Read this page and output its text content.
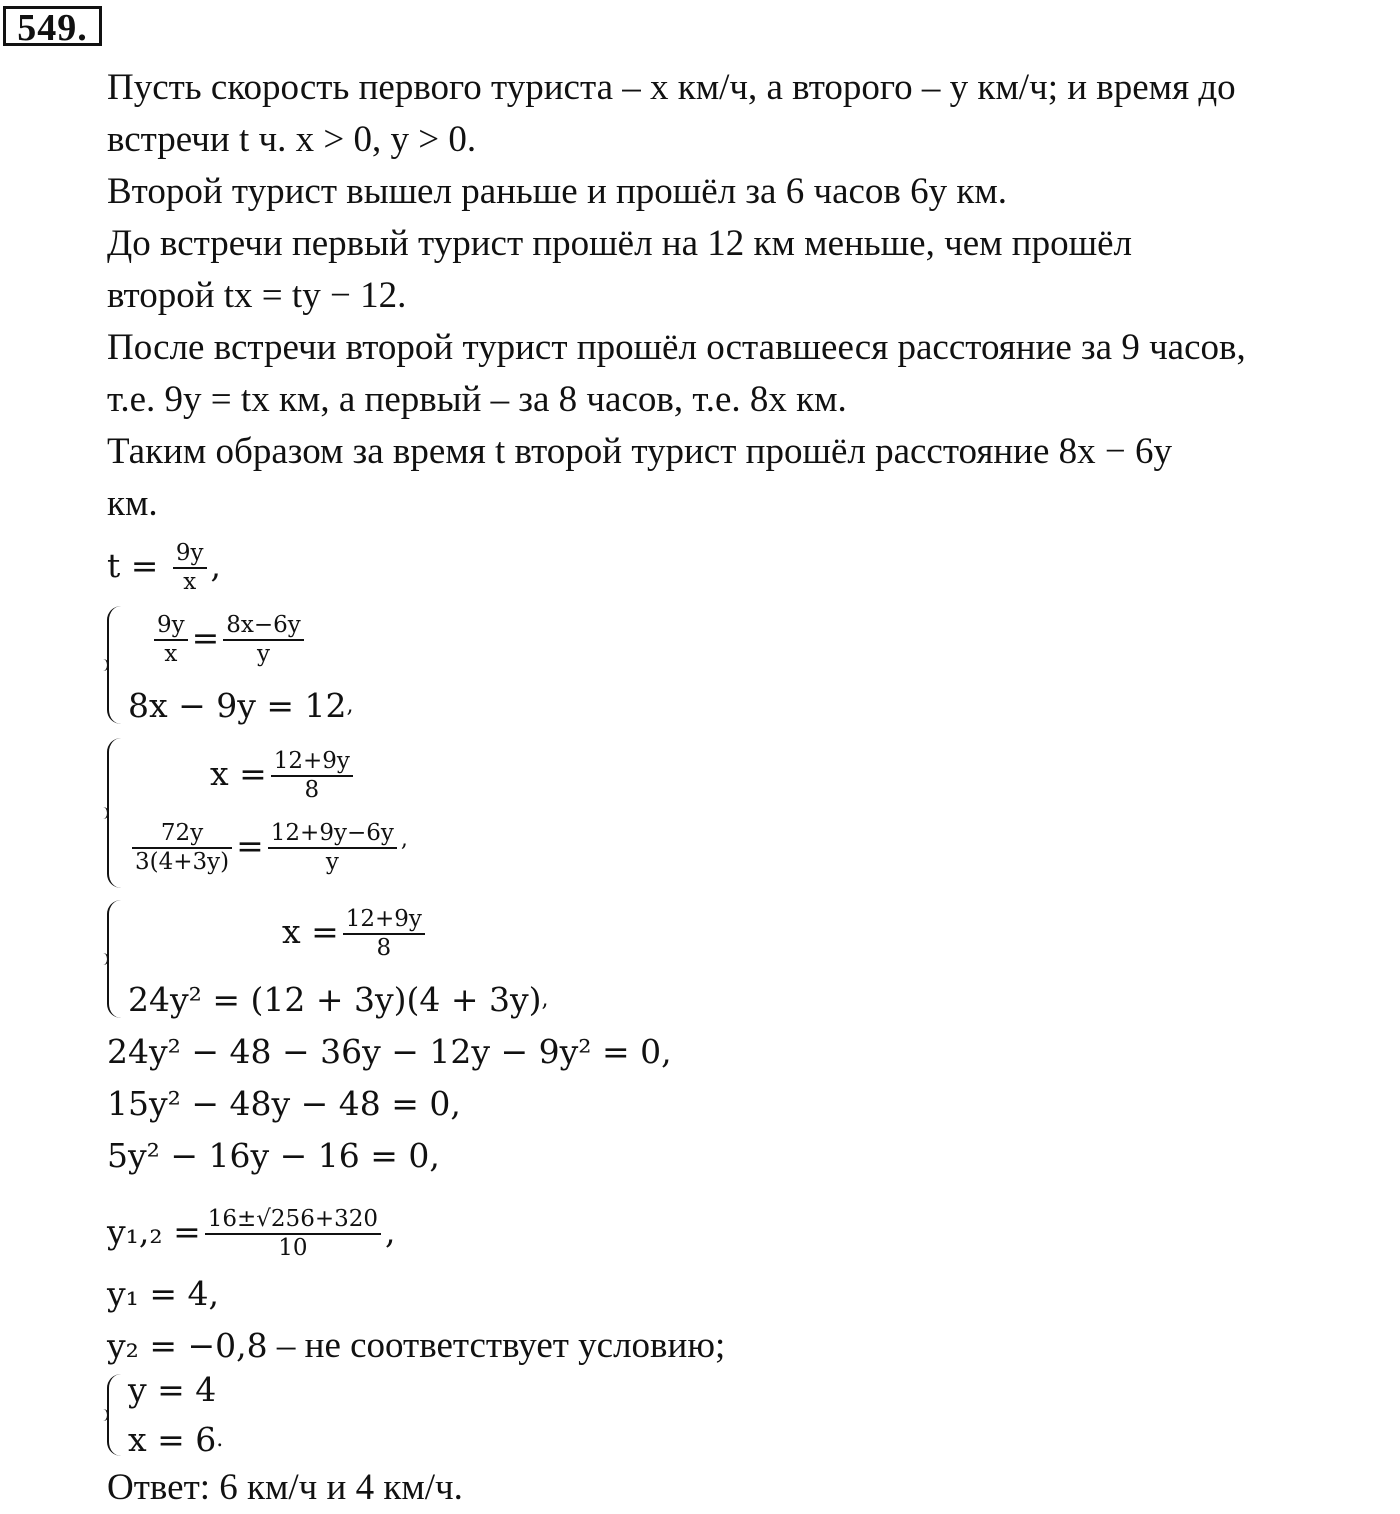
549.

Пусть скорость первого туриста – x км/ч, а второго – y км/ч; и время до

встречи t ч. x > 0, y > 0.

Второй турист вышел раньше и прошёл за 6 часов 6y км.

До встречи первый турист прошёл на 12 км меньше, чем прошёл

второй tx = ty − 12.

После встречи второй турист прошёл оставшееся расстояние за 9 часов,

т.е. 9y = tx км, а первый – за 8 часов, т.е. 8x км.

Таким образом за время t второй турист прошёл расстояние 8x − 6y

км.

$t = \frac{9y}{x}$ ,
$\frac{9y}{x} = \frac{8x-6y}{y}$
8x − 9y = 12,
$x = \frac{12+9y}{8}$
$\frac{72y}{3(4+3y)} = \frac{12+9y-6y}{y} ^,$
$x = \frac{12+9y}{8}$
24y² = (12 + 3y)(4 + 3y),
24y² − 48 − 36y − 12y − 9y² = 0,
15y² − 48y − 48 = 0,
5y² − 16y − 16 = 0,
$y_1,_2 = \frac{16\pm√256+320}{10}$ ,
y₁ = 4,
y₂ = −0,8 – не соответствует условию;
y = 4
x = 6.

Ответ: 6 км/ч и 4 км/ч.
